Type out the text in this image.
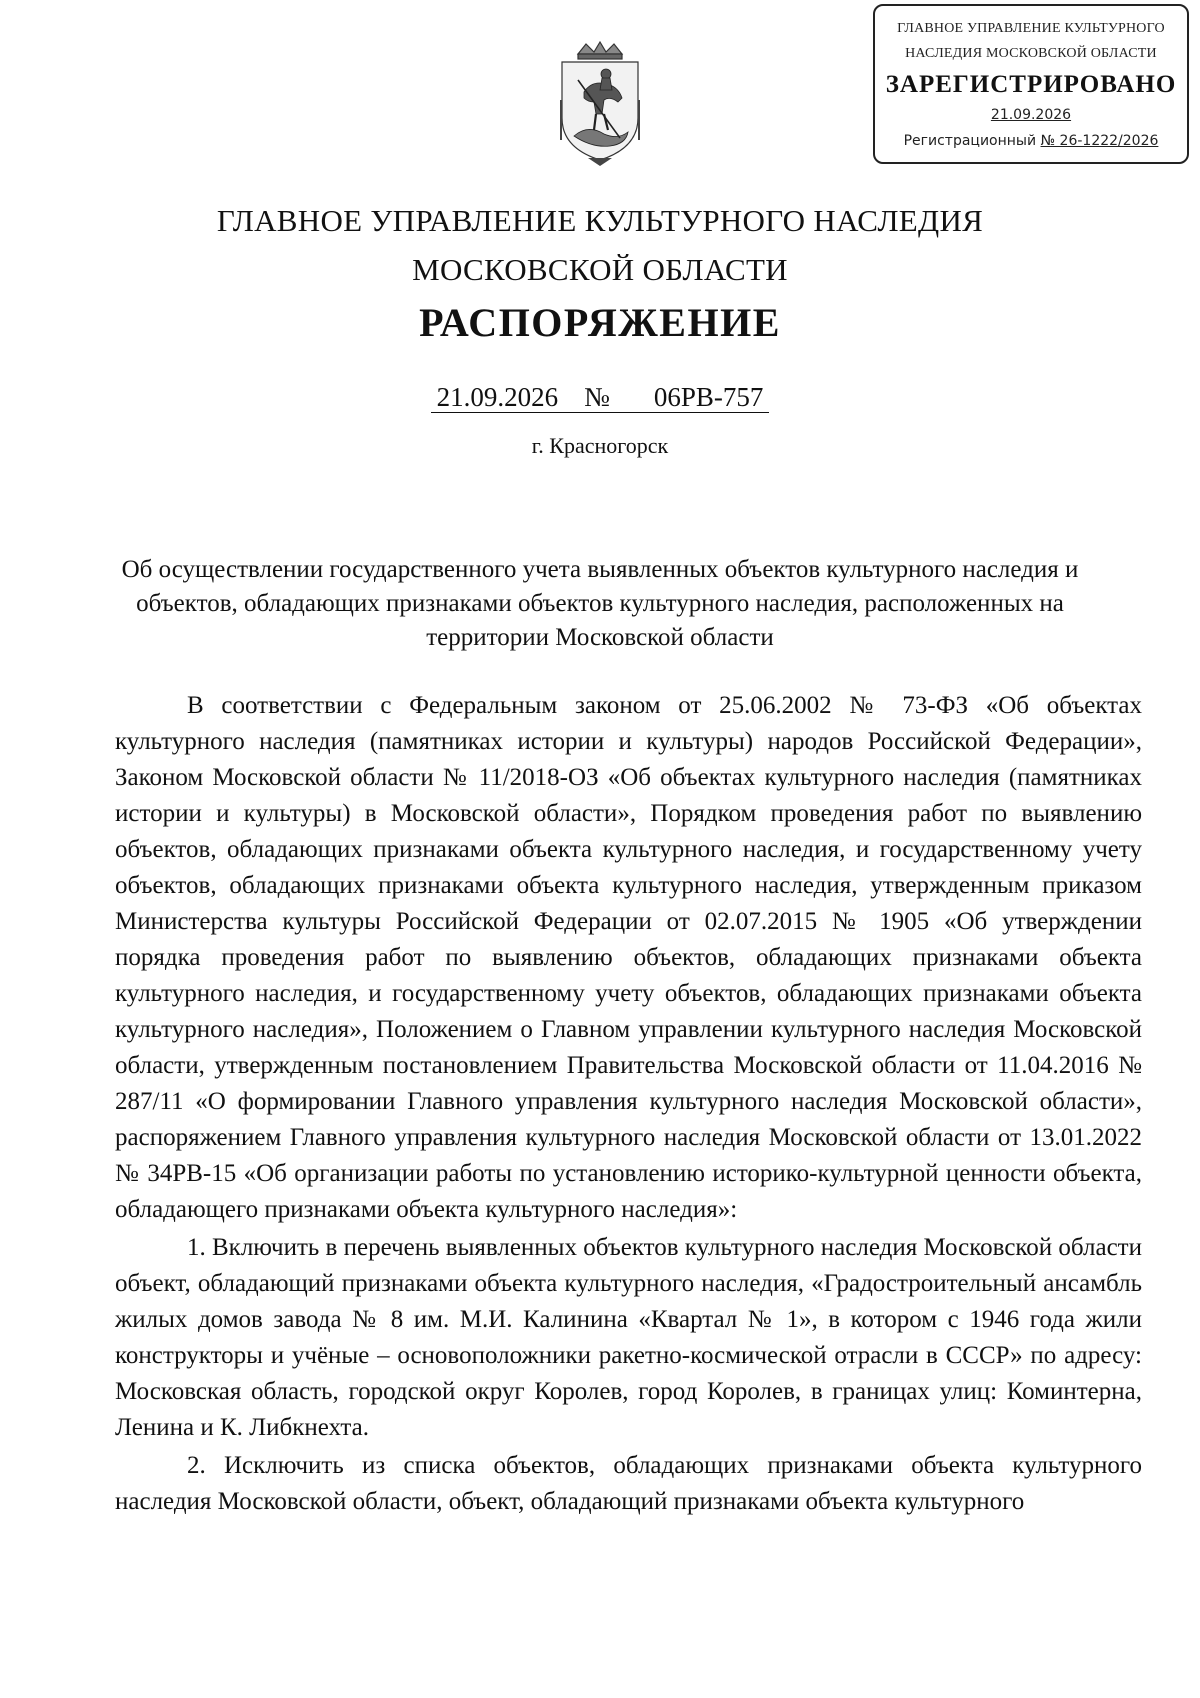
ГЛАВНОЕ УПРАВЛЕНИЕ КУЛЬТУРНОГО
НАСЛЕДИЯ МОСКОВСКОЙ ОБЛАСТИ
ЗАРЕГИСТРИРОВАНО
21.09.2026
Регистрационный № 26-1222/2026
ГЛАВНОЕ УПРАВЛЕНИЕ КУЛЬТУРНОГО НАСЛЕДИЯ
МОСКОВСКОЙ ОБЛАСТИ
РАСПОРЯЖЕНИЕ
21.09.2026 № 06РВ-757
г. Красногорск
Об осуществлении государственного учета выявленных объектов культурного наследия и объектов, обладающих признаками объектов культурного наследия, расположенных на территории Московской области

В соответствии с Федеральным законом от 25.06.2002 № 73-ФЗ «Об объектах культурного наследия (памятниках истории и культуры) народов Российской Федерации», Законом Московской области № 11/2018-ОЗ «Об объектах культурного наследия (памятниках истории и культуры) в Московской области», Порядком проведения работ по выявлению объектов, обладающих признаками объекта культурного наследия, и государственному учету объектов, обладающих признаками объекта культурного наследия, утвержденным приказом Министерства культуры Российской Федерации от 02.07.2015 № 1905 «Об утверждении порядка проведения работ по выявлению объектов, обладающих признаками объекта культурного наследия, и государственному учету объектов, обладающих признаками объекта культурного наследия», Положением о Главном управлении культурного наследия Московской области, утвержденным постановлением Правительства Московской области от 11.04.2016 № 287/11 «О формировании Главного управления культурного наследия Московской области», распоряжением Главного управления культурного наследия Московской области от 13.01.2022 № 34РВ-15 «Об организации работы по установлению историко-культурной ценности объекта, обладающего признаками объекта культурного наследия»:

1. Включить в перечень выявленных объектов культурного наследия Московской области объект, обладающий признаками объекта культурного наследия, «Градостроительный ансамбль жилых домов завода № 8 им. М.И. Калинина «Квартал № 1», в котором с 1946 года жили конструкторы и учёные – основоположники ракетно-космической отрасли в СССР» по адресу: Московская область, городской округ Королев, город Королев, в границах улиц: Коминтерна, Ленина и К. Либкнехта.

2. Исключить из списка объектов, обладающих признаками объекта культурного наследия Московской области, объект, обладающий признаками объекта культурного
